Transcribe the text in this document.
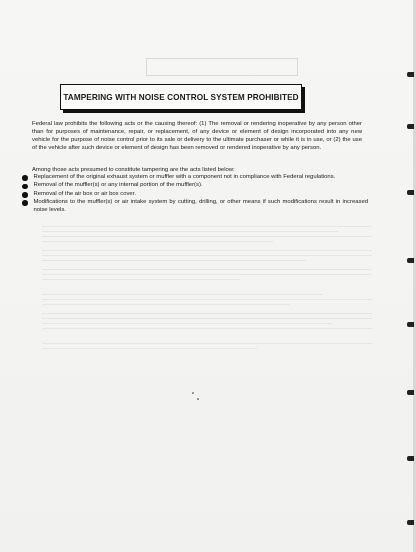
TAMPERING WITH NOISE CONTROL SYSTEM PROHIBITED

Federal law prohibits the following acts or the causing thereof: (1) The removal or rendering inoperative by any person other than for purposes of maintenance, repair, or replacement, of any device or element of design incorporated into any new vehicle for the purpose of noise control prior to its sale or delivery to the ultimate purchaser or while it is in use, or (2) the use of the vehicle after such device or element of design has been removed or rendered inoperative by any person.

Among those acts presumed to constitute tampering are the acts listed below:

Replacement of the original exhaust system or muffler with a component not in compliance with Federal regulations.
Removal of the muffler(s) or any internal portion of the muffler(s).
Removal of the air box or air box cover.
Modifications to the muffler(s) or air intake system by cutting, drilling, or other means if such modifications result in increased noise levels.
